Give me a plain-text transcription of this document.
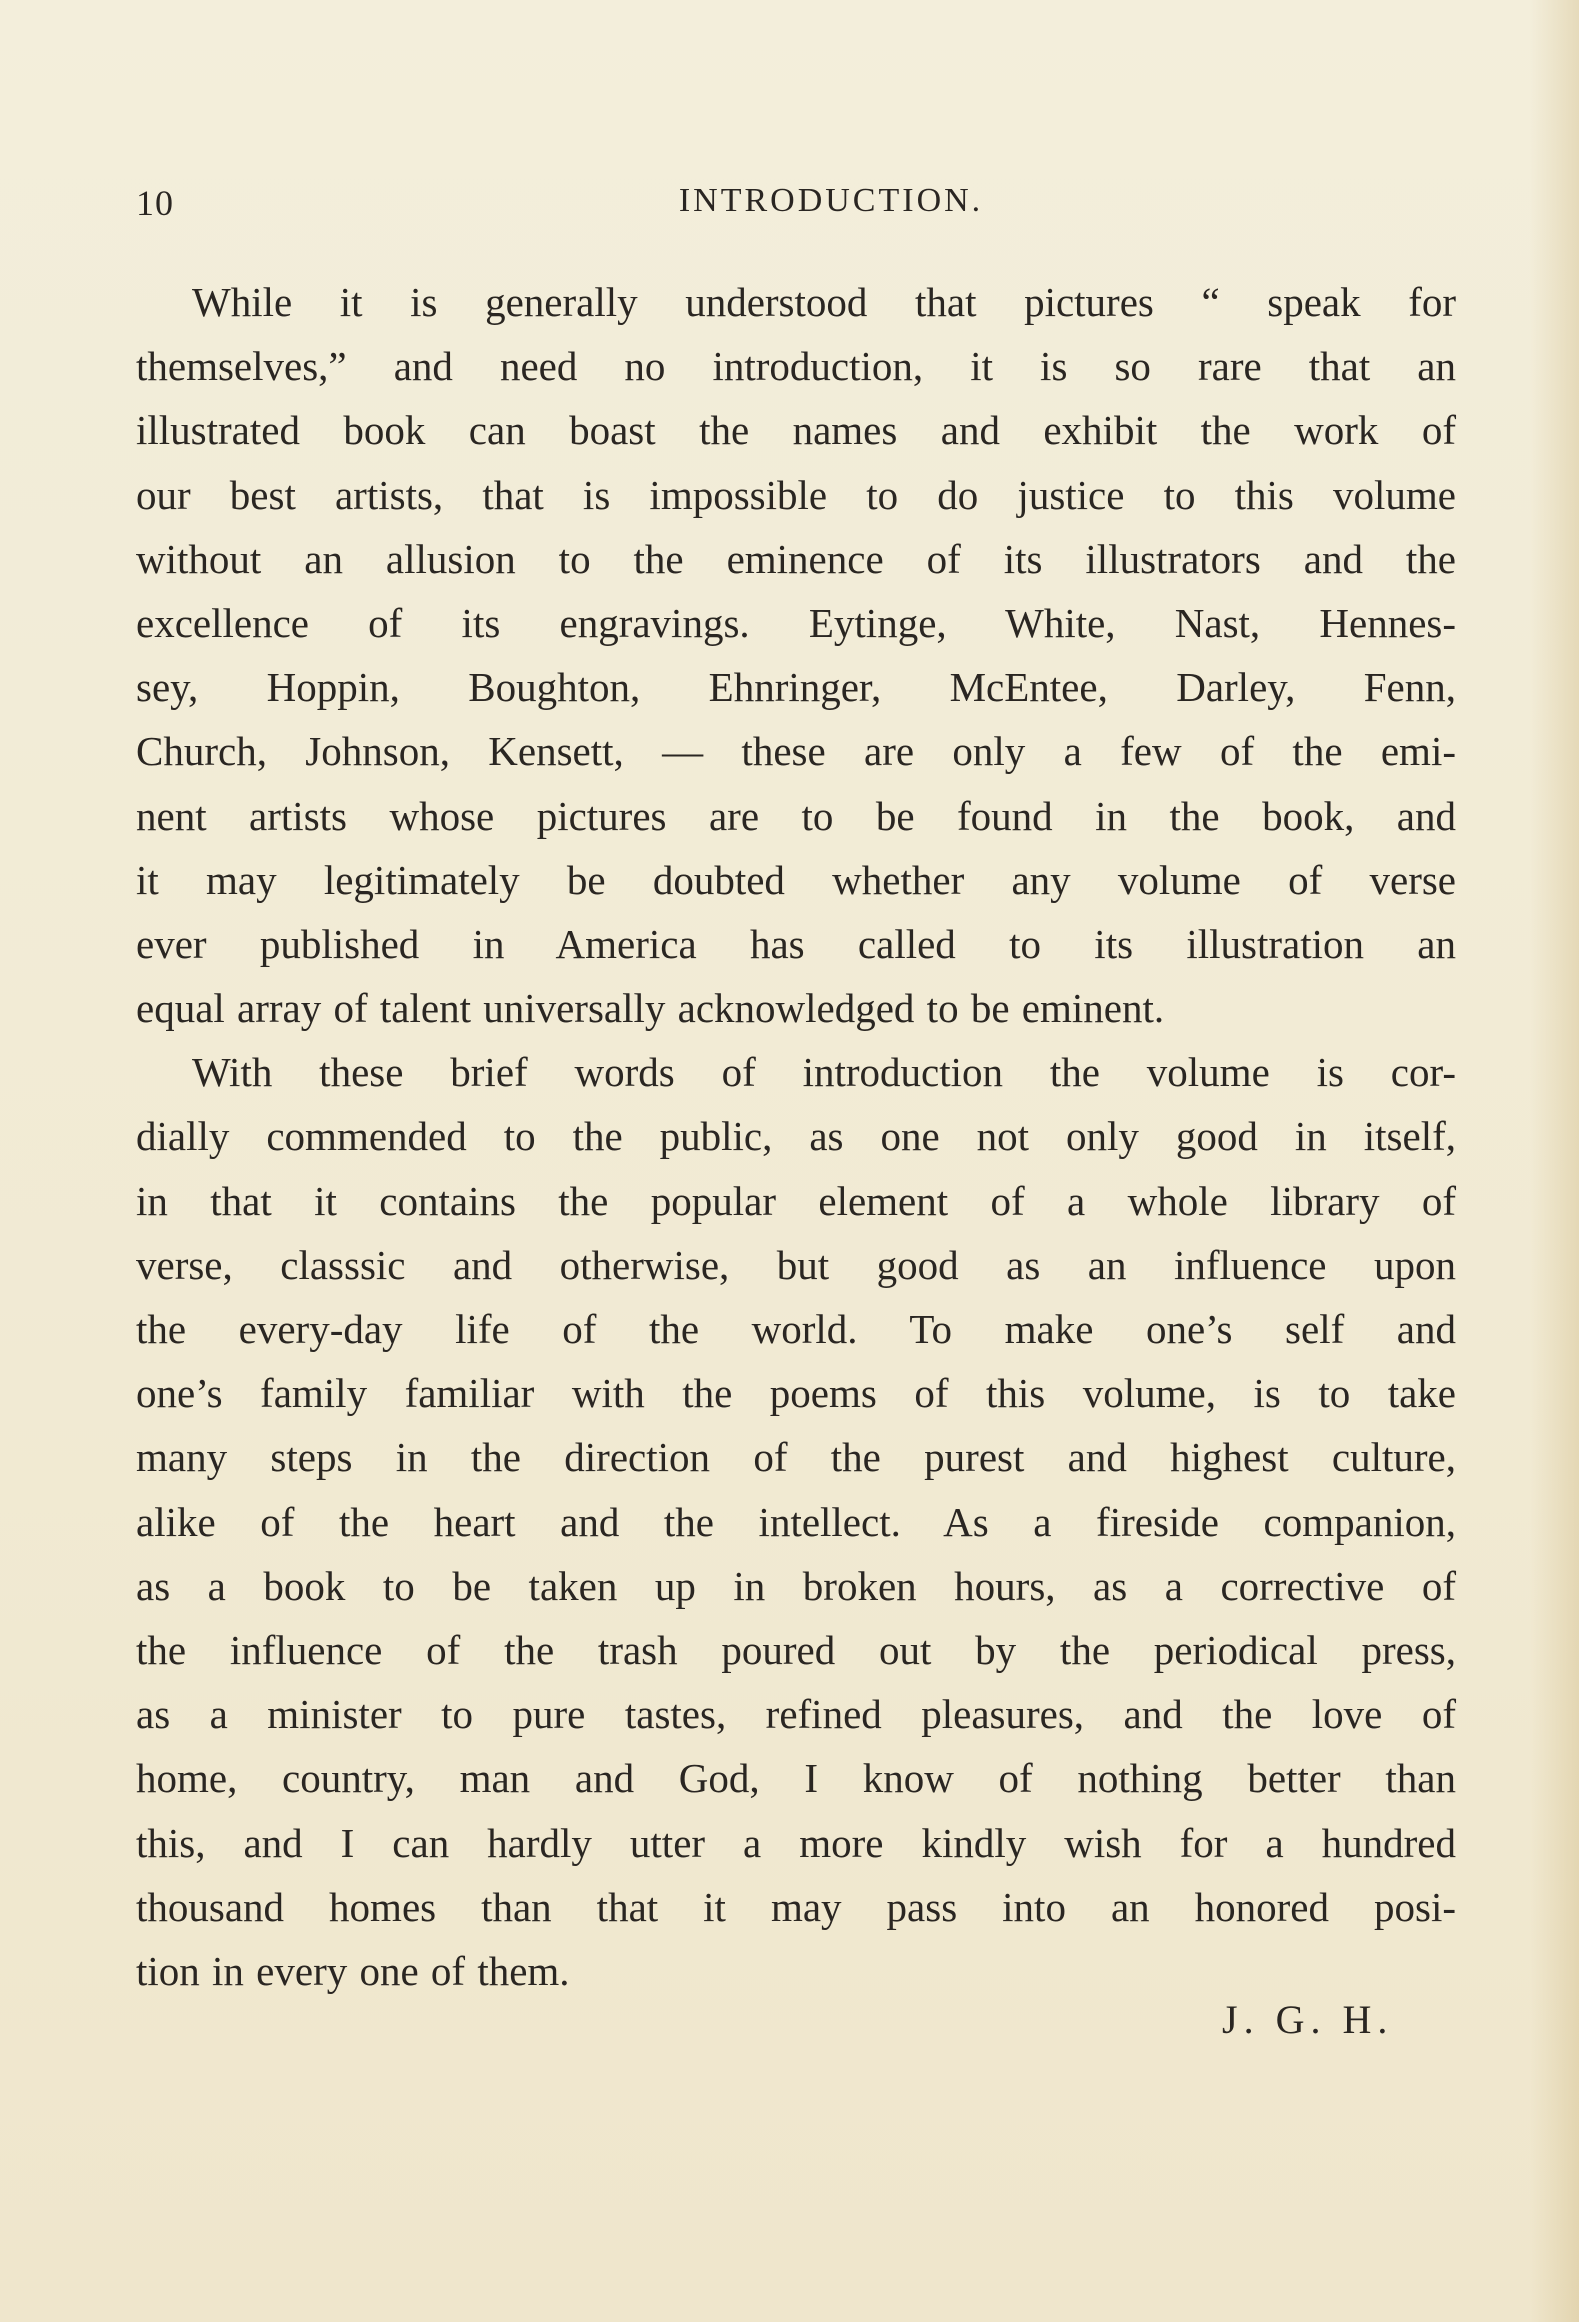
10	INTRODUCTION.
While it is generally understood that pictures “ speak for
themselves,” and need no introduction, it is so rare that an
illustrated book can boast the names and exhibit the work of
our best artists, that is impossible to do justice to this volume
without an allusion to the eminence of its illustrators and the
excellence of its engravings. Eytinge, White, Nast, Hennes-
sey, Hoppin, Boughton, Ehnringer, McEntee, Darley, Fenn,
Church, Johnson, Kensett, — these are only a few of the emi-
nent artists whose pictures are to be found in the book, and
it may legitimately be doubted whether any volume of verse
ever published in America has called to its illustration an
equal array of talent universally acknowledged to be eminent.
With these brief words of introduction the volume is cor-
dially commended to the public, as one not only good in itself,
in that it contains the popular element of a whole library of
verse, classsic and otherwise, but good as an influence upon
the every-day life of the world. To make one’s self and
one’s family familiar with the poems of this volume, is to take
many steps in the direction of the purest and highest culture,
alike of the heart and the intellect. As a fireside companion,
as a book to be taken up in broken hours, as a corrective of
the influence of the trash poured out by the periodical press,
as a minister to pure tastes, refined pleasures, and the love of
home, country, man and God, I know of nothing better than
this, and I can hardly utter a more kindly wish for a hundred
thousand homes than that it may pass into an honored posi-
tion in every one of them.
J. G. H.
